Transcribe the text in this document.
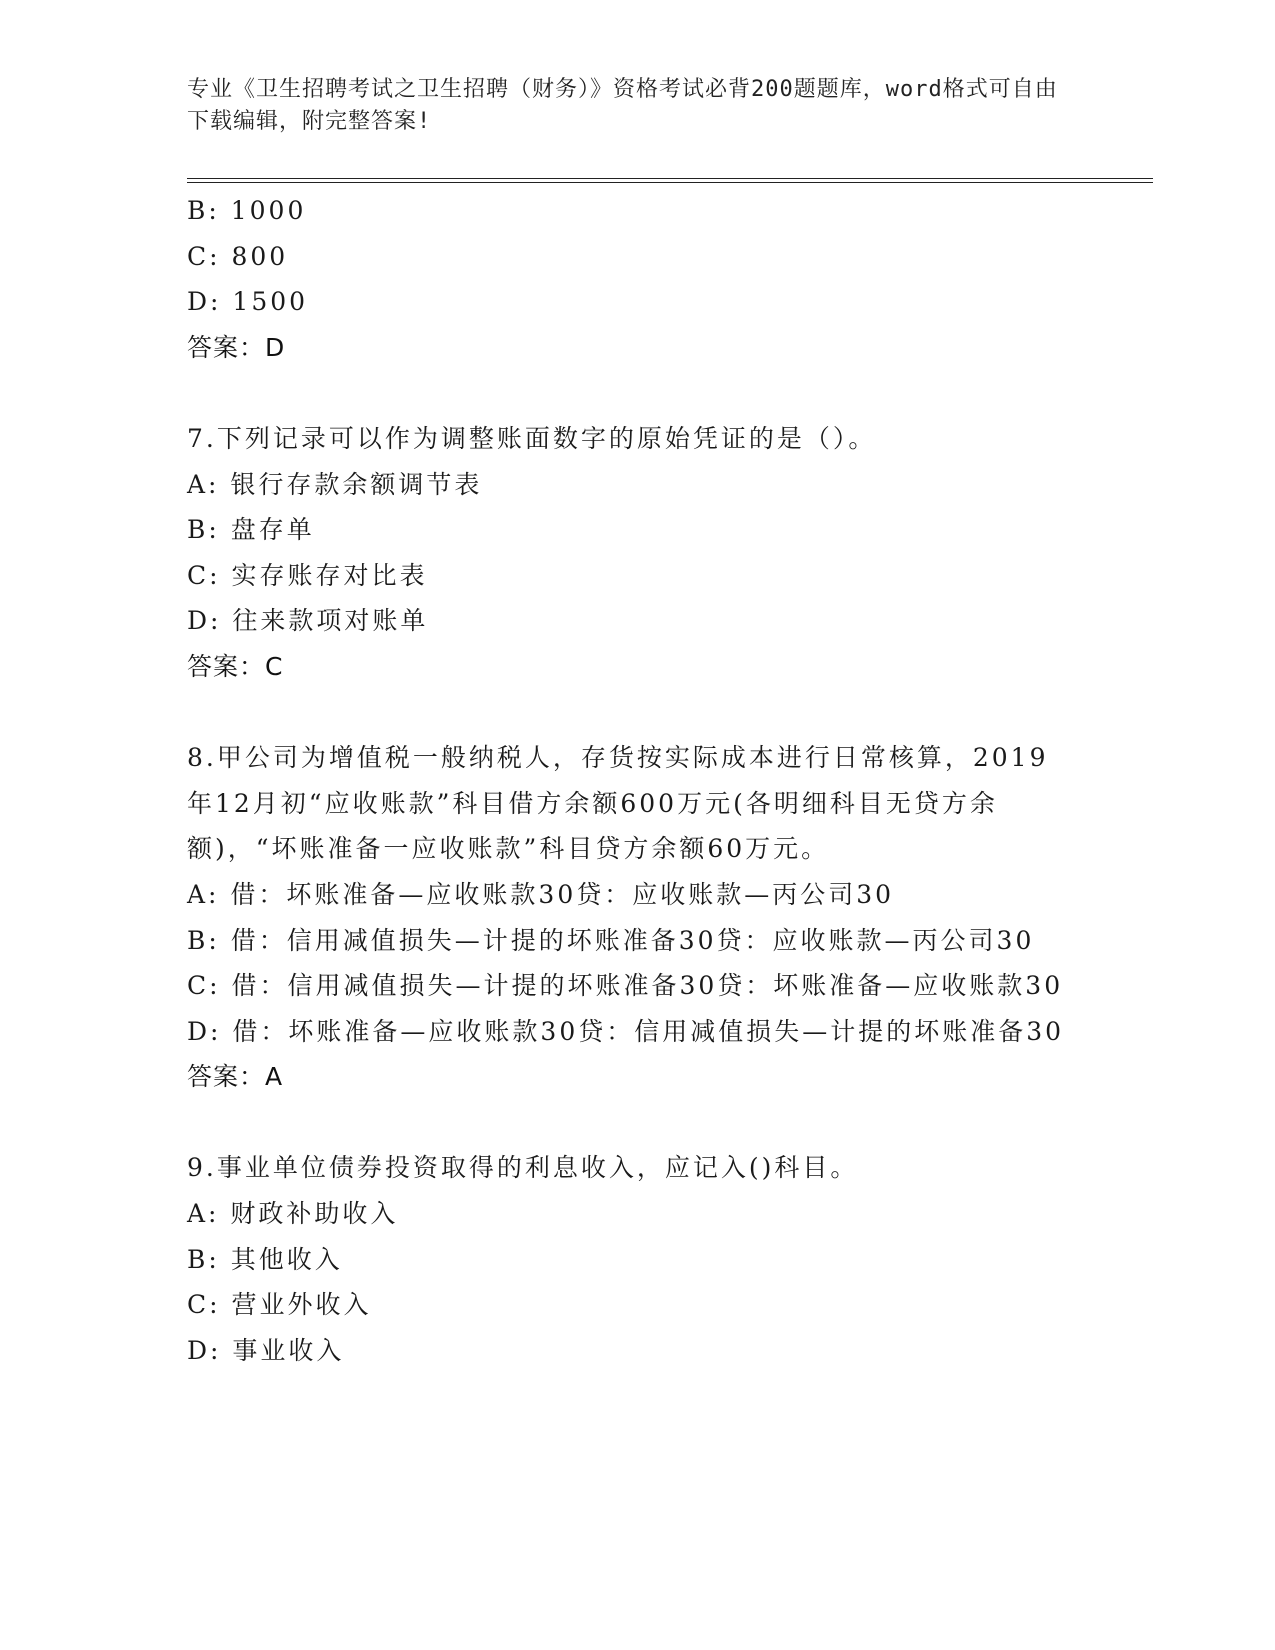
专业《卫生招聘考试之卫生招聘（财务）》资格考试必背200题题库，word格式可自由下载编辑，附完整答案!
B: 1000
C: 800
D: 1500
答案：D
7.下列记录可以作为调整账面数字的原始凭证的是（）。
A: 银行存款余额调节表
B: 盘存单
C: 实存账存对比表
D: 往来款项对账单
答案：C
8.甲公司为增值税一般纳税人，存货按实际成本进行日常核算，2019年12月初“应收账款”科目借方余额600万元(各明细科目无贷方余额)，“坏账准备一应收账款”科目贷方余额60万元。
A: 借：坏账准备—应收账款30贷：应收账款—丙公司30
B: 借：信用减值损失—计提的坏账准备30贷：应收账款—丙公司30
C: 借：信用减值损失—计提的坏账准备30贷：坏账准备—应收账款30
D: 借：坏账准备—应收账款30贷：信用减值损失—计提的坏账准备30
答案：A
9.事业单位债券投资取得的利息收入，应记入()科目。
A: 财政补助收入
B: 其他收入
C: 营业外收入
D: 事业收入
